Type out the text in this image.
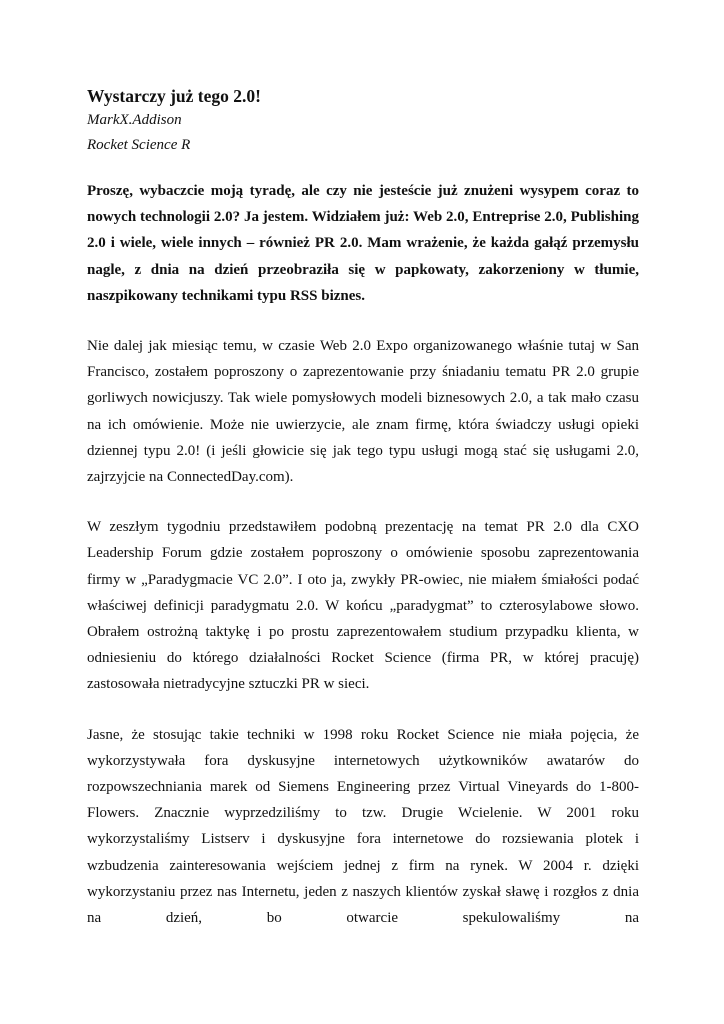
Wystarczy już tego 2.0!

MarkX.Addison

Rocket Science R

Proszę, wybaczcie moją tyradę, ale czy nie jesteście już znużeni wysypem coraz to nowych technologii 2.0? Ja jestem. Widziałem już: Web 2.0, Entreprise 2.0, Publishing 2.0 i wiele, wiele innych – również PR 2.0. Mam wrażenie, że każda gałąź przemysłu nagle, z dnia na dzień przeobraziła się w papkowaty, zakorzeniony w tłumie, naszpikowany technikami typu RSS biznes.

Nie dalej jak miesiąc temu, w czasie Web 2.0 Expo organizowanego właśnie tutaj w San Francisco, zostałem poproszony o zaprezentowanie przy śniadaniu tematu PR 2.0 grupie gorliwych nowicjuszy. Tak wiele pomysłowych modeli biznesowych 2.0, a tak mało czasu na ich omówienie. Może nie uwierzycie, ale znam firmę, która świadczy usługi opieki dziennej typu 2.0! (i jeśli głowicie się jak tego typu usługi mogą stać się usługami 2.0, zajrzyjcie na ConnectedDay.com).

W zeszłym tygodniu przedstawiłem podobną prezentację na temat PR 2.0 dla CXO Leadership Forum gdzie zostałem poproszony o omówienie sposobu zaprezentowania firmy w „Paradygmacie VC 2.0”. I oto ja, zwykły PR-owiec, nie miałem śmiałości podać właściwej definicji paradygmatu 2.0. W końcu „paradygmat” to czterosylabowe słowo. Obrałem ostrożną taktykę i po prostu zaprezentowałem studium przypadku klienta, w odniesieniu do którego działalności Rocket Science (firma PR, w której pracuję) zastosowała nietradycyjne sztuczki PR w sieci.

Jasne, że stosując takie techniki w 1998 roku Rocket Science nie miała pojęcia, że wykorzystywała fora dyskusyjne internetowych użytkowników awatarów do rozpowszechniania marek od Siemens Engineering przez Virtual Vineyards do 1-800-Flowers. Znacznie wyprzedziliśmy to tzw. Drugie Wcielenie. W 2001 roku wykorzystaliśmy Listserv i dyskusyjne fora internetowe do rozsiewania plotek i wzbudzenia zainteresowania wejściem jednej z firm na rynek. W 2004 r. dzięki wykorzystaniu przez nas Internetu, jeden z naszych klientów zyskał sławę i rozgłos z dnia na dzień, bo otwarcie spekulowaliśmy na
